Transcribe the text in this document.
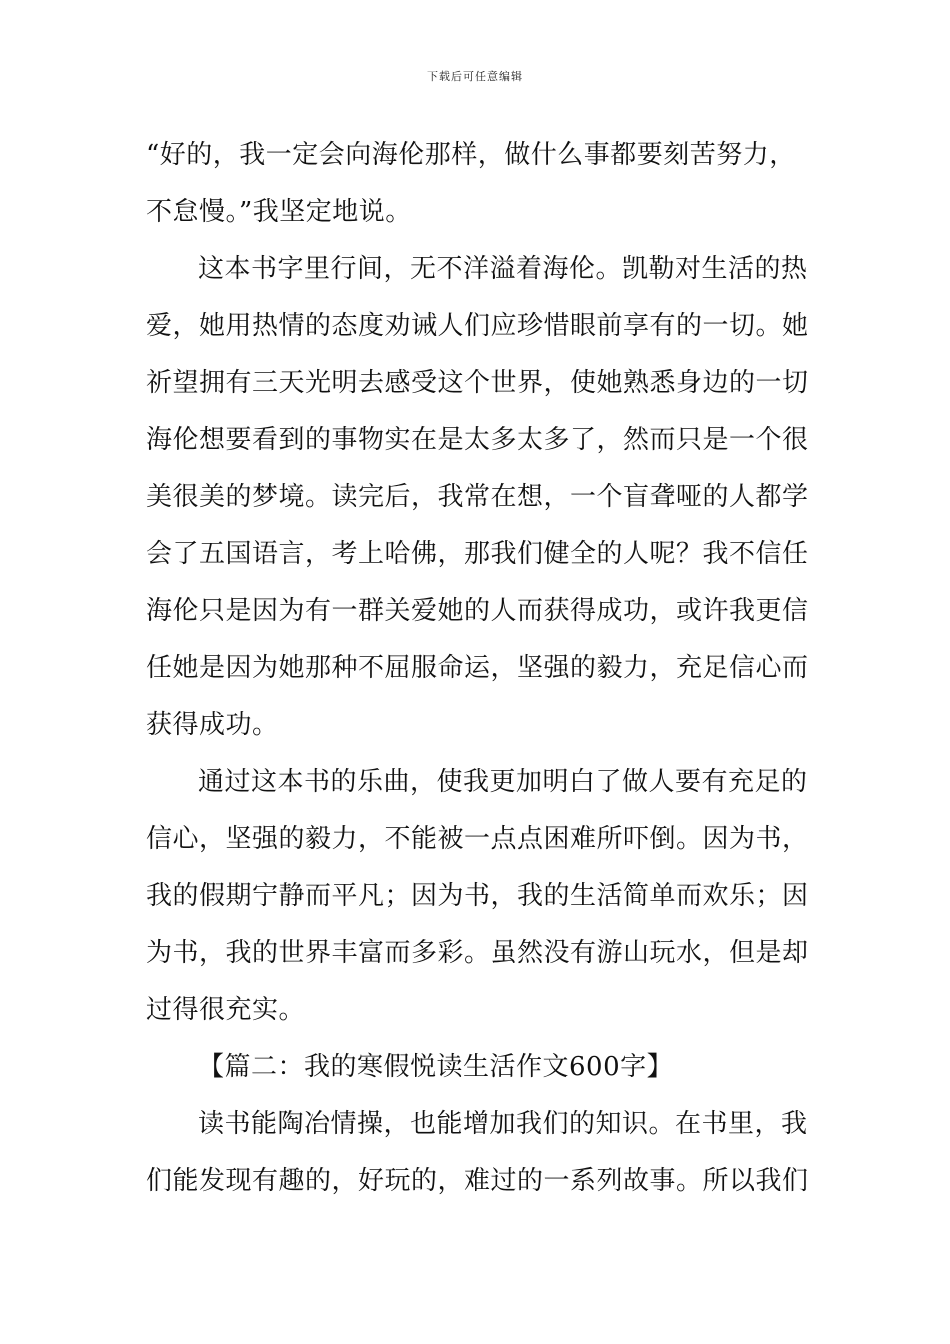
下载后可任意编辑
“好的，我一定会向海伦那样，做什么事都要刻苦努力，
不怠慢。”我坚定地说。
这本书字里行间，无不洋溢着海伦。凯勒对生活的热
爱，她用热情的态度劝诫人们应珍惜眼前享有的一切。她
祈望拥有三天光明去感受这个世界，使她熟悉身边的一切
海伦想要看到的事物实在是太多太多了，然而只是一个很
美很美的梦境。读完后，我常在想，一个盲聋哑的人都学
会了五国语言，考上哈佛，那我们健全的人呢？我不信任
海伦只是因为有一群关爱她的人而获得成功，或许我更信
任她是因为她那种不屈服命运，坚强的毅力，充足信心而
获得成功。
通过这本书的乐曲，使我更加明白了做人要有充足的
信心，坚强的毅力，不能被一点点困难所吓倒。因为书，
我的假期宁静而平凡；因为书，我的生活简单而欢乐；因
为书，我的世界丰富而多彩。虽然没有游山玩水，但是却
过得很充实。
【篇二：我的寒假悦读生活作文600字】
读书能陶冶情操，也能增加我们的知识。在书里，我
们能发现有趣的，好玩的，难过的一系列故事。所以我们
